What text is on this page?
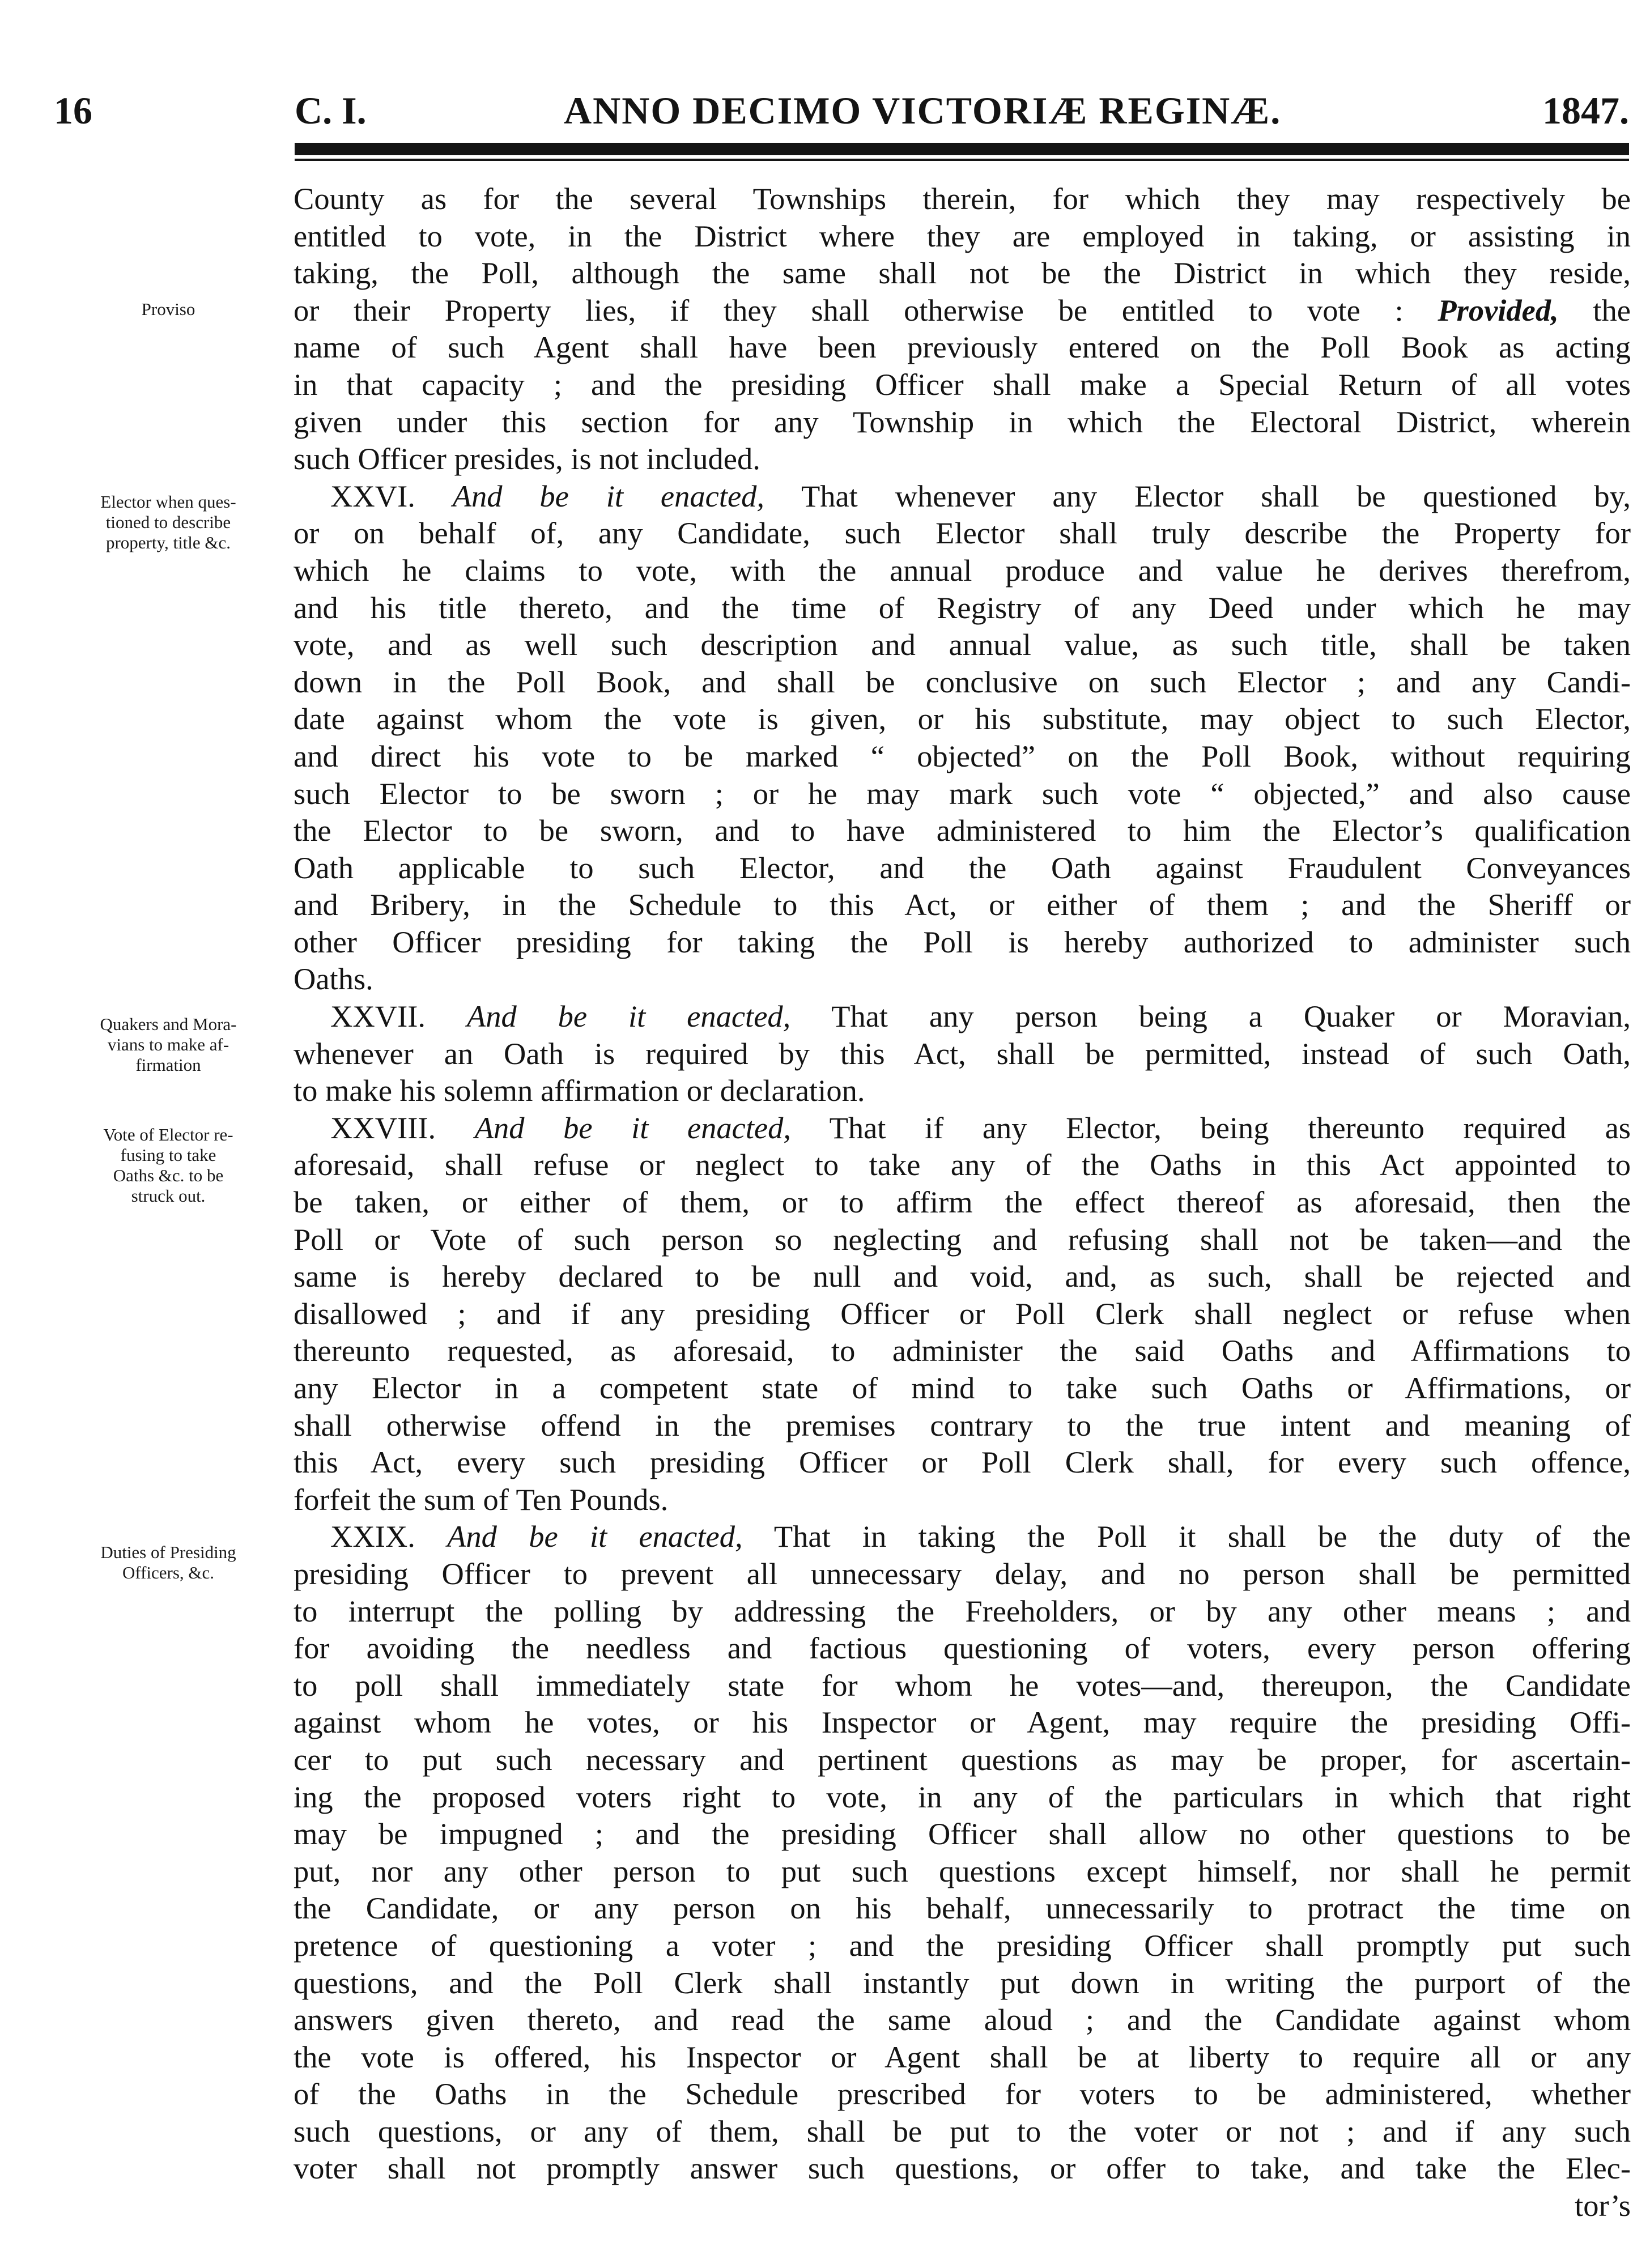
16	C. I.	ANNO DECIMO VICTORIÆ REGINÆ.	1847.
Proviso
Elector when ques-
tioned to describe
property, title &c.
Quakers and Mora-
vians to make af-
firmation
Vote of Elector re-
fusing to take
Oaths &c. to be
struck out.
Duties of Presiding
Officers, &c.
County as for the several Townships therein, for which they may respectively be
entitled to vote, in the District where they are employed in taking, or assisting in
taking, the Poll, although the same shall not be the District in which they reside,
or their Property lies, if they shall otherwise be entitled to vote : Provided, the
name of such Agent shall have been previously entered on the Poll Book as acting
in that capacity ; and the presiding Officer shall make a Special Return of all votes
given under this section for any Township in which the Electoral District, wherein
such Officer presides, is not included.
XXVI. And be it enacted, That whenever any Elector shall be questioned by,
or on behalf of, any Candidate, such Elector shall truly describe the Property for
which he claims to vote, with the annual produce and value he derives therefrom,
and his title thereto, and the time of Registry of any Deed under which he may
vote, and as well such description and annual value, as such title, shall be taken
down in the Poll Book, and shall be conclusive on such Elector ; and any Candi-
date against whom the vote is given, or his substitute, may object to such Elector,
and direct his vote to be marked “ objected” on the Poll Book, without requiring
such Elector to be sworn ; or he may mark such vote “ objected,” and also cause
the Elector to be sworn, and to have administered to him the Elector’s qualification
Oath applicable to such Elector, and the Oath against Fraudulent Conveyances
and Bribery, in the Schedule to this Act, or either of them ; and the Sheriff or
other Officer presiding for taking the Poll is hereby authorized to administer such
Oaths.
XXVII. And be it enacted, That any person being a Quaker or Moravian,
whenever an Oath is required by this Act, shall be permitted, instead of such Oath,
to make his solemn affirmation or declaration.
XXVIII. And be it enacted, That if any Elector, being thereunto required as
aforesaid, shall refuse or neglect to take any of the Oaths in this Act appointed to
be taken, or either of them, or to affirm the effect thereof as aforesaid, then the
Poll or Vote of such person so neglecting and refusing shall not be taken—and the
same is hereby declared to be null and void, and, as such, shall be rejected and
disallowed ; and if any presiding Officer or Poll Clerk shall neglect or refuse when
thereunto requested, as aforesaid, to administer the said Oaths and Affirmations to
any Elector in a competent state of mind to take such Oaths or Affirmations, or
shall otherwise offend in the premises contrary to the true intent and meaning of
this Act, every such presiding Officer or Poll Clerk shall, for every such offence,
forfeit the sum of Ten Pounds.
XXIX. And be it enacted, That in taking the Poll it shall be the duty of the
presiding Officer to prevent all unnecessary delay, and no person shall be permitted
to interrupt the polling by addressing the Freeholders, or by any other means ; and
for avoiding the needless and factious questioning of voters, every person offering
to poll shall immediately state for whom he votes—and, thereupon, the Candidate
against whom he votes, or his Inspector or Agent, may require the presiding Offi-
cer to put such necessary and pertinent questions as may be proper, for ascertain-
ing the proposed voters right to vote, in any of the particulars in which that right
may be impugned ; and the presiding Officer shall allow no other questions to be
put, nor any other person to put such questions except himself, nor shall he permit
the Candidate, or any person on his behalf, unnecessarily to protract the time on
pretence of questioning a voter ; and the presiding Officer shall promptly put such
questions, and the Poll Clerk shall instantly put down in writing the purport of the
answers given thereto, and read the same aloud ; and the Candidate against whom
the vote is offered, his Inspector or Agent shall be at liberty to require all or any
of the Oaths in the Schedule prescribed for voters to be administered, whether
such questions, or any of them, shall be put to the voter or not ; and if any such
voter shall not promptly answer such questions, or offer to take, and take the Elec-
tor’s
